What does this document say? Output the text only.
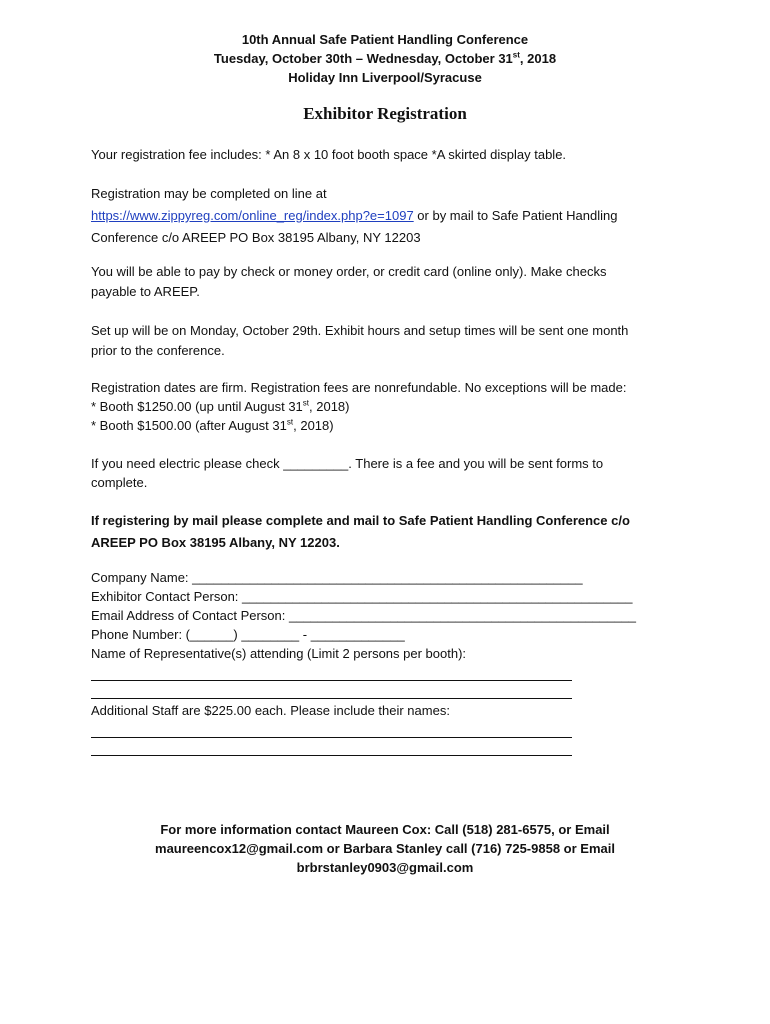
10th Annual Safe Patient Handling Conference
Tuesday, October 30th – Wednesday, October 31st, 2018
Holiday Inn Liverpool/Syracuse
Exhibitor Registration

Your registration fee includes: * An 8 x 10 foot booth space *A skirted display table.

Registration may be completed on line at

https://www.zippyreg.com/online_reg/index.php?e=1097 or by mail to Safe Patient Handling

Conference c/o AREEP PO Box 38195 Albany, NY 12203

You will be able to pay by check or money order, or credit card (online only). Make checks

payable to AREEP.

Set up will be on Monday, October 29th. Exhibit hours and setup times will be sent one month

prior to the conference.

Registration dates are firm. Registration fees are nonrefundable. No exceptions will be made:

* Booth $1250.00 (up until August 31st, 2018)

* Booth $1500.00 (after August 31st, 2018)

If you need electric please check _________. There is a fee and you will be sent forms to

complete.

If registering by mail please complete and mail to Safe Patient Handling Conference c/o

AREEP PO Box 38195 Albany, NY 12203.

Company Name: ______________________________________________________
Exhibitor Contact Person: ______________________________________________________
Email Address of Contact Person: ________________________________________________
Phone Number: (______) ________ - _____________
Name of Representative(s) attending (Limit 2 persons per booth):
Additional Staff are $225.00 each. Please include their names:
For more information contact Maureen Cox: Call (518) 281-6575, or Email
maureencox12@gmail.com or Barbara Stanley call (716) 725-9858 or Email
brbrstanley0903@gmail.com
